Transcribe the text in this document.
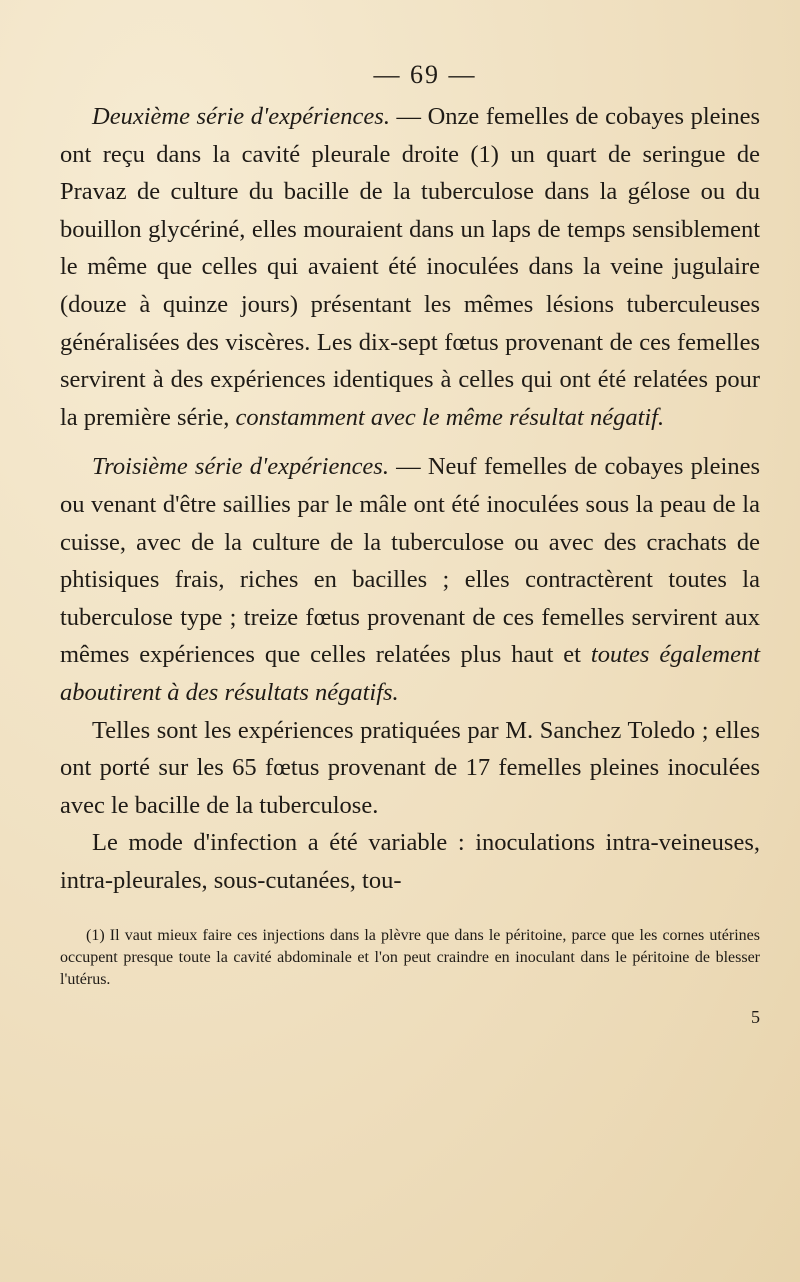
— 69 —

Deuxième série d'expériences. — Onze femelles de cobayes pleines ont reçu dans la cavité pleurale droite (1) un quart de seringue de Pravaz de culture du bacille de la tuberculose dans la gélose ou du bouillon glycériné, elles mouraient dans un laps de temps sensiblement le même que celles qui avaient été inoculées dans la veine jugulaire (douze à quinze jours) présentant les mêmes lésions tuberculeuses généralisées des viscères. Les dix-sept fœtus provenant de ces femelles servirent à des expériences identiques à celles qui ont été relatées pour la première série, constamment avec le même résultat négatif.

Troisième série d'expériences. — Neuf femelles de cobayes pleines ou venant d'être saillies par le mâle ont été inoculées sous la peau de la cuisse, avec de la culture de la tuberculose ou avec des crachats de phtisiques frais, riches en bacilles ; elles contractèrent toutes la tuberculose type ; treize fœtus provenant de ces femelles servirent aux mêmes expériences que celles relatées plus haut et toutes également aboutirent à des résultats négatifs.

Telles sont les expériences pratiquées par M. Sanchez Toledo ; elles ont porté sur les 65 fœtus provenant de 17 femelles pleines inoculées avec le bacille de la tuberculose.

Le mode d'infection a été variable : inoculations intra-veineuses, intra-pleurales, sous-cutanées, tou-

(1) Il vaut mieux faire ces injections dans la plèvre que dans le péritoine, parce que les cornes utérines occupent presque toute la cavité abdominale et l'on peut craindre en inoculant dans le péritoine de blesser l'utérus.

5
